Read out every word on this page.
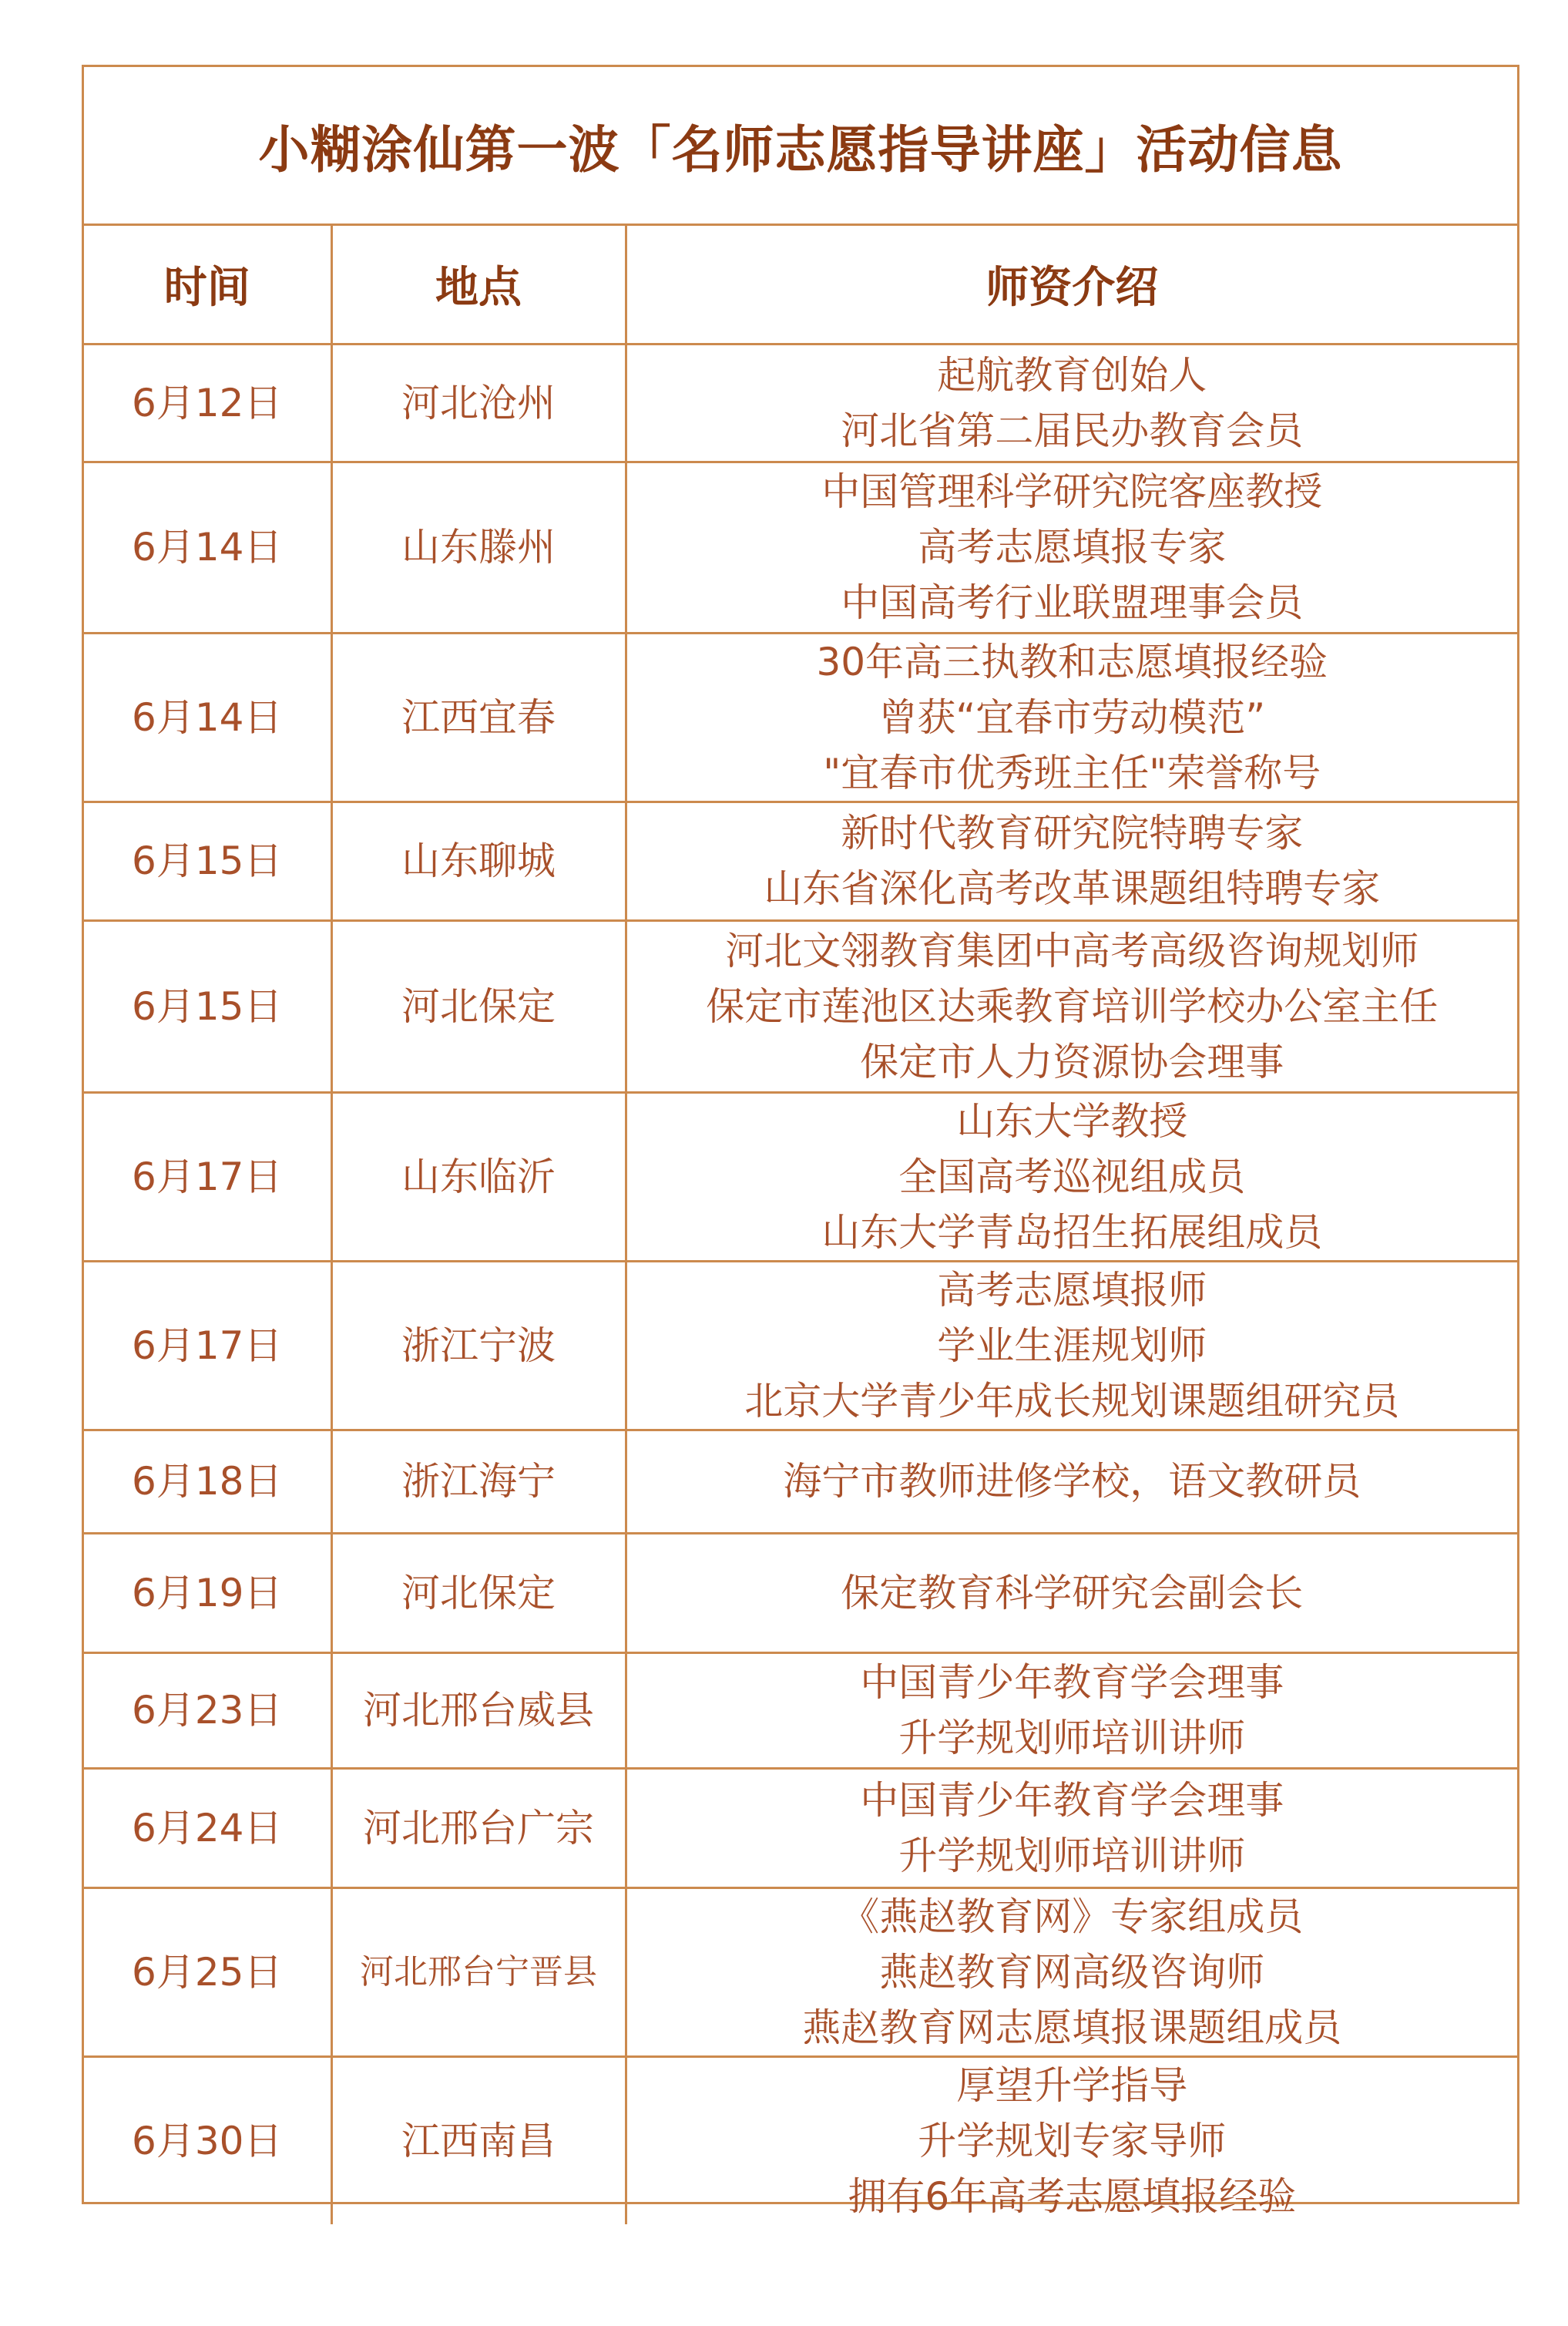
小糊涂仙第一波「名师志愿指导讲座」活动信息
时间	地点	师资介绍
6月12日	河北沧州	起航教育创始人
河北省第二届民办教育会员

6月14日	山东滕州	中国管理科学研究院客座教授
高考志愿填报专家
中国高考行业联盟理事会员

6月14日	江西宜春	30年高三执教和志愿填报经验
曾获“宜春市劳动模范”
"宜春市优秀班主任"荣誉称号

6月15日	山东聊城	新时代教育研究院特聘专家
山东省深化高考改革课题组特聘专家

6月15日	河北保定	河北文翎教育集团中高考高级咨询规划师
保定市莲池区达乘教育培训学校办公室主任
保定市人力资源协会理事

6月17日	山东临沂	山东大学教授
全国高考巡视组成员
山东大学青岛招生拓展组成员

6月17日	浙江宁波	高考志愿填报师
学业生涯规划师
北京大学青少年成长规划课题组研究员

6月18日	浙江海宁	海宁市教师进修学校，语文教研员

6月19日	河北保定	保定教育科学研究会副会长

6月23日	河北邢台威县	中国青少年教育学会理事
升学规划师培训讲师

6月24日	河北邢台广宗	中国青少年教育学会理事
升学规划师培训讲师

6月25日	河北邢台宁晋县	《燕赵教育网》专家组成员
燕赵教育网高级咨询师
燕赵教育网志愿填报课题组成员

6月30日	江西南昌	厚望升学指导
升学规划专家导师
拥有6年高考志愿填报经验
